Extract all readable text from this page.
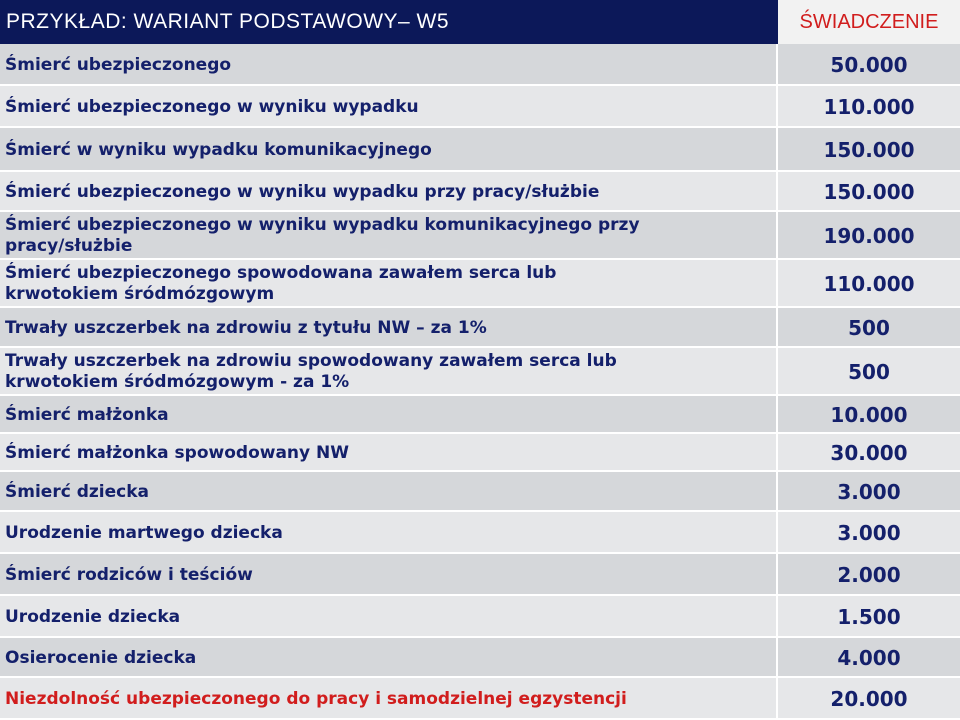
PRZYKŁAD: WARIANT PODSTAWOWY– W5	ŚWIADCZENIE
Śmierć ubezpieczonego	50.000
Śmierć ubezpieczonego w wyniku wypadku	110.000
Śmierć w wyniku wypadku komunikacyjnego	150.000
Śmierć ubezpieczonego w wyniku wypadku przy pracy/służbie	150.000
Śmierć ubezpieczonego w wyniku wypadku komunikacyjnego przy
pracy/służbie	190.000
Śmierć ubezpieczonego spowodowana zawałem serca lub
krwotokiem śródmózgowym	110.000
Trwały uszczerbek na zdrowiu z tytułu NW – za 1%	500
Trwały uszczerbek na zdrowiu spowodowany zawałem serca lub
krwotokiem śródmózgowym - za 1%	500
Śmierć małżonka	10.000
Śmierć małżonka spowodowany NW	30.000
Śmierć dziecka	3.000
Urodzenie martwego dziecka	3.000
Śmierć rodziców i teściów	2.000
Urodzenie dziecka	1.500
Osierocenie dziecka	4.000
Niezdolność ubezpieczonego do pracy i samodzielnej egzystencji	20.000
